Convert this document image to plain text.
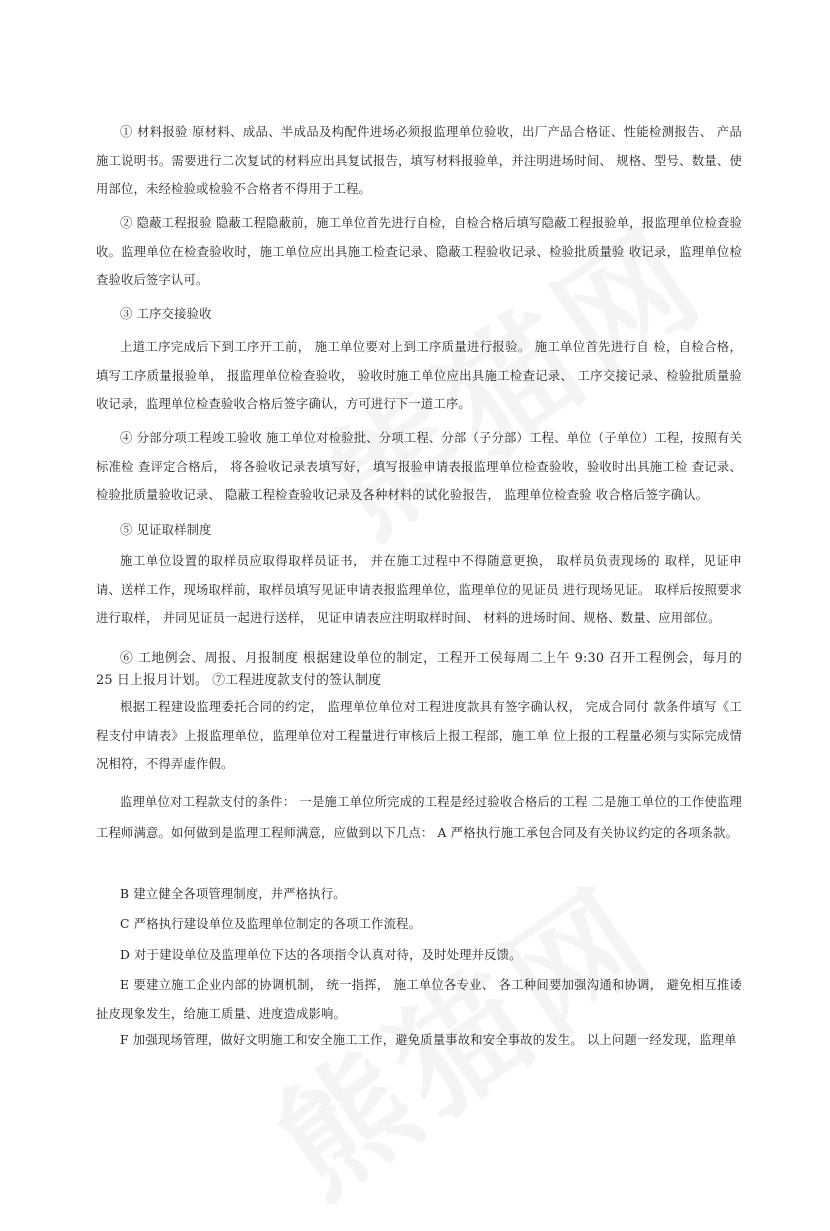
① 材料报验 原材料、成品、半成品及构配件进场必须报监理单位验收，出厂产品合格证、性能检测报告、 产品施工说明书。需要进行二次复试的材料应出具复试报告，填写材料报验单，并注明进场时间、 规格、型号、数量、使用部位，未经检验或检验不合格者不得用于工程。

② 隐蔽工程报验 隐蔽工程隐蔽前，施工单位首先进行自检，自检合格后填写隐蔽工程报验单，报监理单位检查验收。监理单位在检查验收时，施工单位应出具施工检查记录、隐蔽工程验收记录、检验批质量验 收记录，监理单位检查验收后签字认可。

③ 工序交接验收

上道工序完成后下到工序开工前， 施工单位要对上到工序质量进行报验。 施工单位首先进行自 检，自检合格，填写工序质量报验单， 报监理单位检查验收， 验收时施工单位应出具施工检查记录、 工序交接记录、检验批质量验收记录，监理单位检查验收合格后签字确认，方可进行下一道工序。

④ 分部分项工程竣工验收 施工单位对检验批、分项工程、分部（子分部）工程、单位（子单位）工程，按照有关标准检 查评定合格后， 将各验收记录表填写好， 填写报验申请表报监理单位检查验收，验收时出具施工检 查记录、检验批质量验收记录、 隐蔽工程检查验收记录及各种材料的试化验报告， 监理单位检查验 收合格后签字确认。

⑤ 见证取样制度

施工单位设置的取样员应取得取样员证书， 并在施工过程中不得随意更换， 取样员负责现场的 取样，见证申请、送样工作，现场取样前，取样员填写见证申请表报监理单位，监理单位的见证员 进行现场见证。 取样后按照要求进行取样， 并同见证员一起进行送样， 见证申请表应注明取样时间、 材料的进场时间、规格、数量、应用部位。

⑥ 工地例会、周报、月报制度 根据建设单位的制定，工程开工侯每周二上午 9:30 召开工程例会，每月的 25 日上报月计划。 ⑦工程进度款支付的签认制度

根据工程建设监理委托合同的约定， 监理单位单位对工程进度款具有签字确认权， 完成合同付 款条件填写《工程支付申请表》上报监理单位，监理单位对工程量进行审核后上报工程部，施工单 位上报的工程量必须与实际完成情况相符，不得弄虚作假。

监理单位对工程款支付的条件： 一是施工单位所完成的工程是经过验收合格后的工程 二是施工单位的工作使监理工程师满意。如何做到是监理工程师满意，应做到以下几点： A 严格执行施工承包合同及有关协议约定的各项条款。

B 建立健全各项管理制度，并严格执行。

C 严格执行建设单位及监理单位制定的各项工作流程。

D 对于建设单位及监理单位下达的各项指令认真对待，及时处理并反馈。

E 要建立施工企业内部的协调机制， 统一指挥， 施工单位各专业、 各工种间要加强沟通和协调， 避免相互推诿扯皮现象发生，给施工质量、进度造成影响。

F 加强现场管理，做好文明施工和安全施工工作，避免质量事故和安全事故的发生。 以上问题一经发现，监理单
